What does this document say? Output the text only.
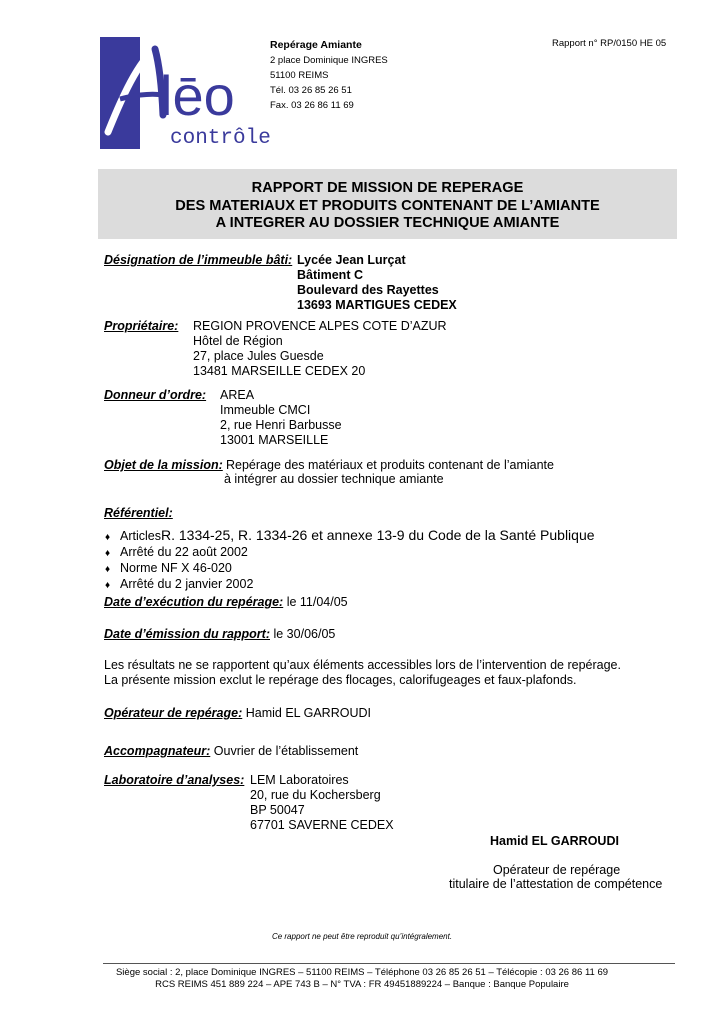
lēo
contrôle
Repérage Amiante
2 place Dominique INGRES
51100 REIMS
Tél. 03 26 85 26 51
Fax. 03 26 86 11 69
Rapport n° RP/0150 HE 05
RAPPORT DE MISSION DE REPERAGE
DES MATERIAUX ET PRODUITS CONTENANT DE L’AMIANTE
A INTEGRER AU DOSSIER TECHNIQUE AMIANTE
Désignation de l’immeuble bâti: Lycée Jean Lurçat
Bâtiment C
Boulevard des Rayettes
13693 MARTIGUES CEDEX
Propriétaire: REGION PROVENCE ALPES COTE D’AZUR
Hôtel de Région
27, place Jules Guesde
13481 MARSEILLE CEDEX 20
Donneur d’ordre: AREA
Immeuble CMCI
2, rue Henri Barbusse
13001 MARSEILLE
Objet de la mission: Repérage des matériaux et produits contenant de l’amiante
à intégrer au dossier technique amiante
Référentiel:
♦ Articles R. 1334-25, R. 1334-26 et annexe 13-9 du Code de la Santé Publique
♦ Arrêté du 22 août 2002
♦ Norme NF X 46-020
♦ Arrêté du 2 janvier 2002
Date d’exécution du repérage: le 11/04/05
Date d’émission du rapport: le 30/06/05
Les résultats ne se rapportent qu’aux éléments accessibles lors de l’intervention de repérage.
La présente mission exclut le repérage des flocages, calorifugeages et faux-plafonds.
Opérateur de repérage: Hamid EL GARROUDI
Accompagnateur: Ouvrier de l’établissement
Laboratoire d’analyses: LEM Laboratoires
20, rue du Kochersberg
BP 50047
67701 SAVERNE CEDEX
Hamid EL GARROUDI
Opérateur de repérage
titulaire de l’attestation de compétence
Ce rapport ne peut être reproduit qu’intégralement.
Siège social : 2, place Dominique INGRES – 51100 REIMS – Téléphone 03 26 85 26 51 – Télécopie : 03 26 86 11 69
RCS REIMS 451 889 224 – APE 743 B – N° TVA : FR 49451889224 – Banque : Banque Populaire
